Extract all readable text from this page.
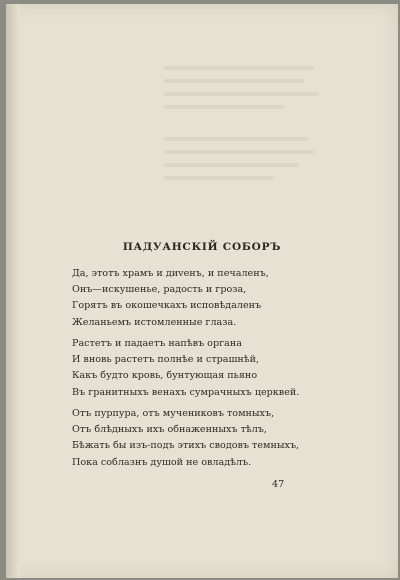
ПАДУАНСКIЙ СОБОРЪ
Да, этотъ храмъ и диvенъ, и печаленъ,
Онъ—искушенье, радость и гроза,
Горятъ въ окошечкахъ исповѣдаленъ
Желаньемъ истомленные глаза.
Растетъ и падаетъ напѣвъ органа
И вновь растетъ полнѣе и страшнѣй,
Какъ будто кровь, бунтующая пьяно
Въ гранитныхъ венахъ сумрачныхъ церквей.
Отъ пурпура, отъ мучениковъ томныхъ,
Отъ блѣдныхъ ихъ обнаженныхъ тѣлъ,
Бѣжать бы изъ-подъ этихъ сводовъ темныхъ,
Пока соблазнъ душой не овладѣлъ.
47
